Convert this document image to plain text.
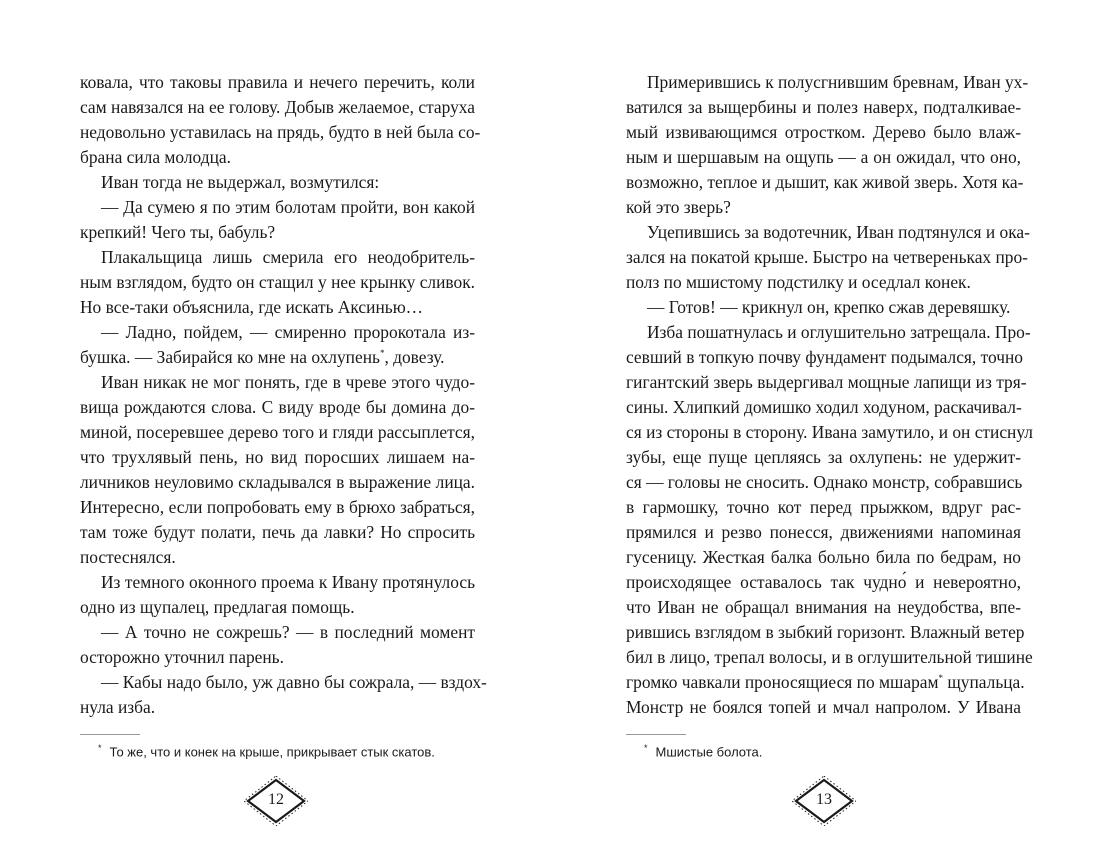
ковала, что таковы правила и нечего перечить, коли
сам навязался на ее голову. Добыв желаемое, старуха
недовольно уставилась на прядь, будто в ней была со-
брана сила молодца.
Иван тогда не выдержал, возмутился:
— Да сумею я по этим болотам пройти, вон какой
крепкий! Чего ты, бабуль?
Плакальщица лишь смерила его неодобритель-
ным взглядом, будто он стащил у нее крынку сливок.
Но все-таки объяснила, где искать Аксинью…
— Ладно, пойдем, — смиренно пророкотала из-
бушка. — Забирайся ко мне на охлупень*, довезу.
Иван никак не мог понять, где в чреве этого чудо-
вища рождаются слова. С виду вроде бы домина до-
миной, посеревшее дерево того и гляди рассыплется,
что трухлявый пень, но вид поросших лишаем на-
личников неуловимо складывался в выражение лица.
Интересно, если попробовать ему в брюхо забраться,
там тоже будут полати, печь да лавки? Но спросить
постеснялся.
Из темного оконного проема к Ивану протянулось
одно из щупалец, предлагая помощь.
— А точно не сожрешь? — в последний момент
осторожно уточнил парень.
— Кабы надо было, уж давно бы сожрала, — вздох-
нула изба.
* То же, что и конек на крыше, прикрывает стык скатов.
Примерившись к полусгнившим бревнам, Иван ух-
ватился за выщербины и полез наверх, подталкивае-
мый извивающимся отростком. Дерево было влаж-
ным и шершавым на ощупь — а он ожидал, что оно,
возможно, теплое и дышит, как живой зверь. Хотя ка-
кой это зверь?
Уцепившись за водотечник, Иван подтянулся и ока-
зался на покатой крыше. Быстро на четвереньках про-
полз по мшистому подстилку и оседлал конек.
— Готов! — крикнул он, крепко сжав деревяшку.
Изба пошатнулась и оглушительно затрещала. Про-
севший в топкую почву фундамент подымался, точно
гигантский зверь выдергивал мощные лапищи из тря-
сины. Хлипкий домишко ходил ходуном, раскачивал-
ся из стороны в сторону. Ивана замутило, и он стиснул
зубы, еще пуще цепляясь за охлупень: не удержит-
ся — головы не сносить. Однако монстр, собравшись
в гармошку, точно кот перед прыжком, вдруг рас-
прямился и резво понесся, движениями напоминая
гусеницу. Жесткая балка больно била по бедрам, но
происходящее оставалось так чудно́ и невероятно,
что Иван не обращал внимания на неудобства, впе-
рившись взглядом в зыбкий горизонт. Влажный ветер
бил в лицо, трепал волосы, и в оглушительной тишине
громко чавкали проносящиеся по мшарам* щупальца.
Монстр не боялся топей и мчал напролом. У Ивана
* Мшистые болота.
12	13
